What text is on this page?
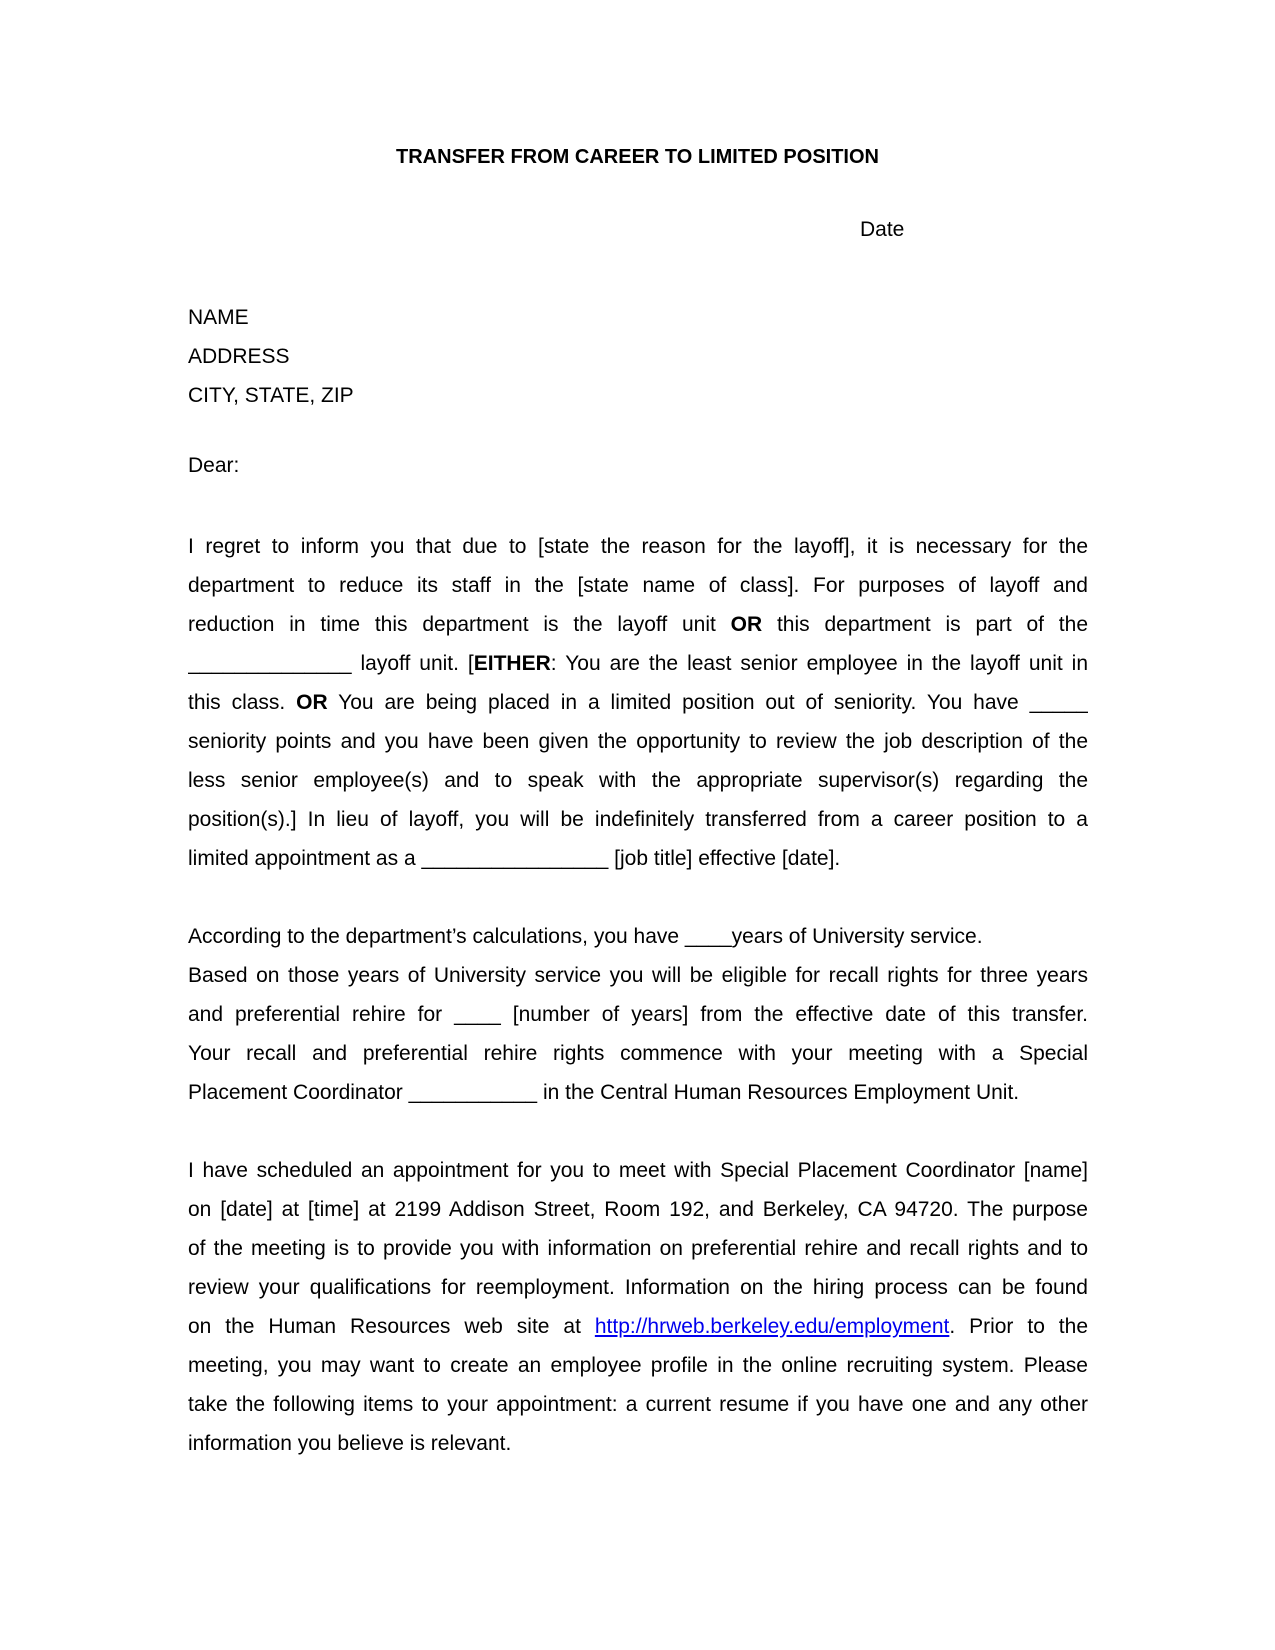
TRANSFER FROM CAREER TO LIMITED POSITION
Date
NAME
ADDRESS
CITY, STATE, ZIP
Dear:
I regret to inform you that due to [state the reason for the layoff], it is necessary for the
department to reduce its staff in the [state name of class]. For purposes of layoff and
reduction in time this department is the layoff unit OR this department is part of the
______________ layoff unit. [EITHER: You are the least senior employee in the layoff unit in
this class. OR You are being placed in a limited position out of seniority. You have _____
seniority points and you have been given the opportunity to review the job description of the
less senior employee(s) and to speak with the appropriate supervisor(s) regarding the
position(s).] In lieu of layoff, you will be indefinitely transferred from a career position to a
limited appointment as a ________________ [job title] effective [date].
According to the department’s calculations, you have ____years of University service.
Based on those years of University service you will be eligible for recall rights for three years
and preferential rehire for ____ [number of years] from the effective date of this transfer.
Your recall and preferential rehire rights commence with your meeting with a Special
Placement Coordinator ___________ in the Central Human Resources Employment Unit.
I have scheduled an appointment for you to meet with Special Placement Coordinator [name]
on [date] at [time] at 2199 Addison Street, Room 192, and Berkeley, CA 94720. The purpose
of the meeting is to provide you with information on preferential rehire and recall rights and to
review your qualifications for reemployment. Information on the hiring process can be found
on the Human Resources web site at http://hrweb.berkeley.edu/employment. Prior to the
meeting, you may want to create an employee profile in the online recruiting system. Please
take the following items to your appointment: a current resume if you have one and any other
information you believe is relevant.
